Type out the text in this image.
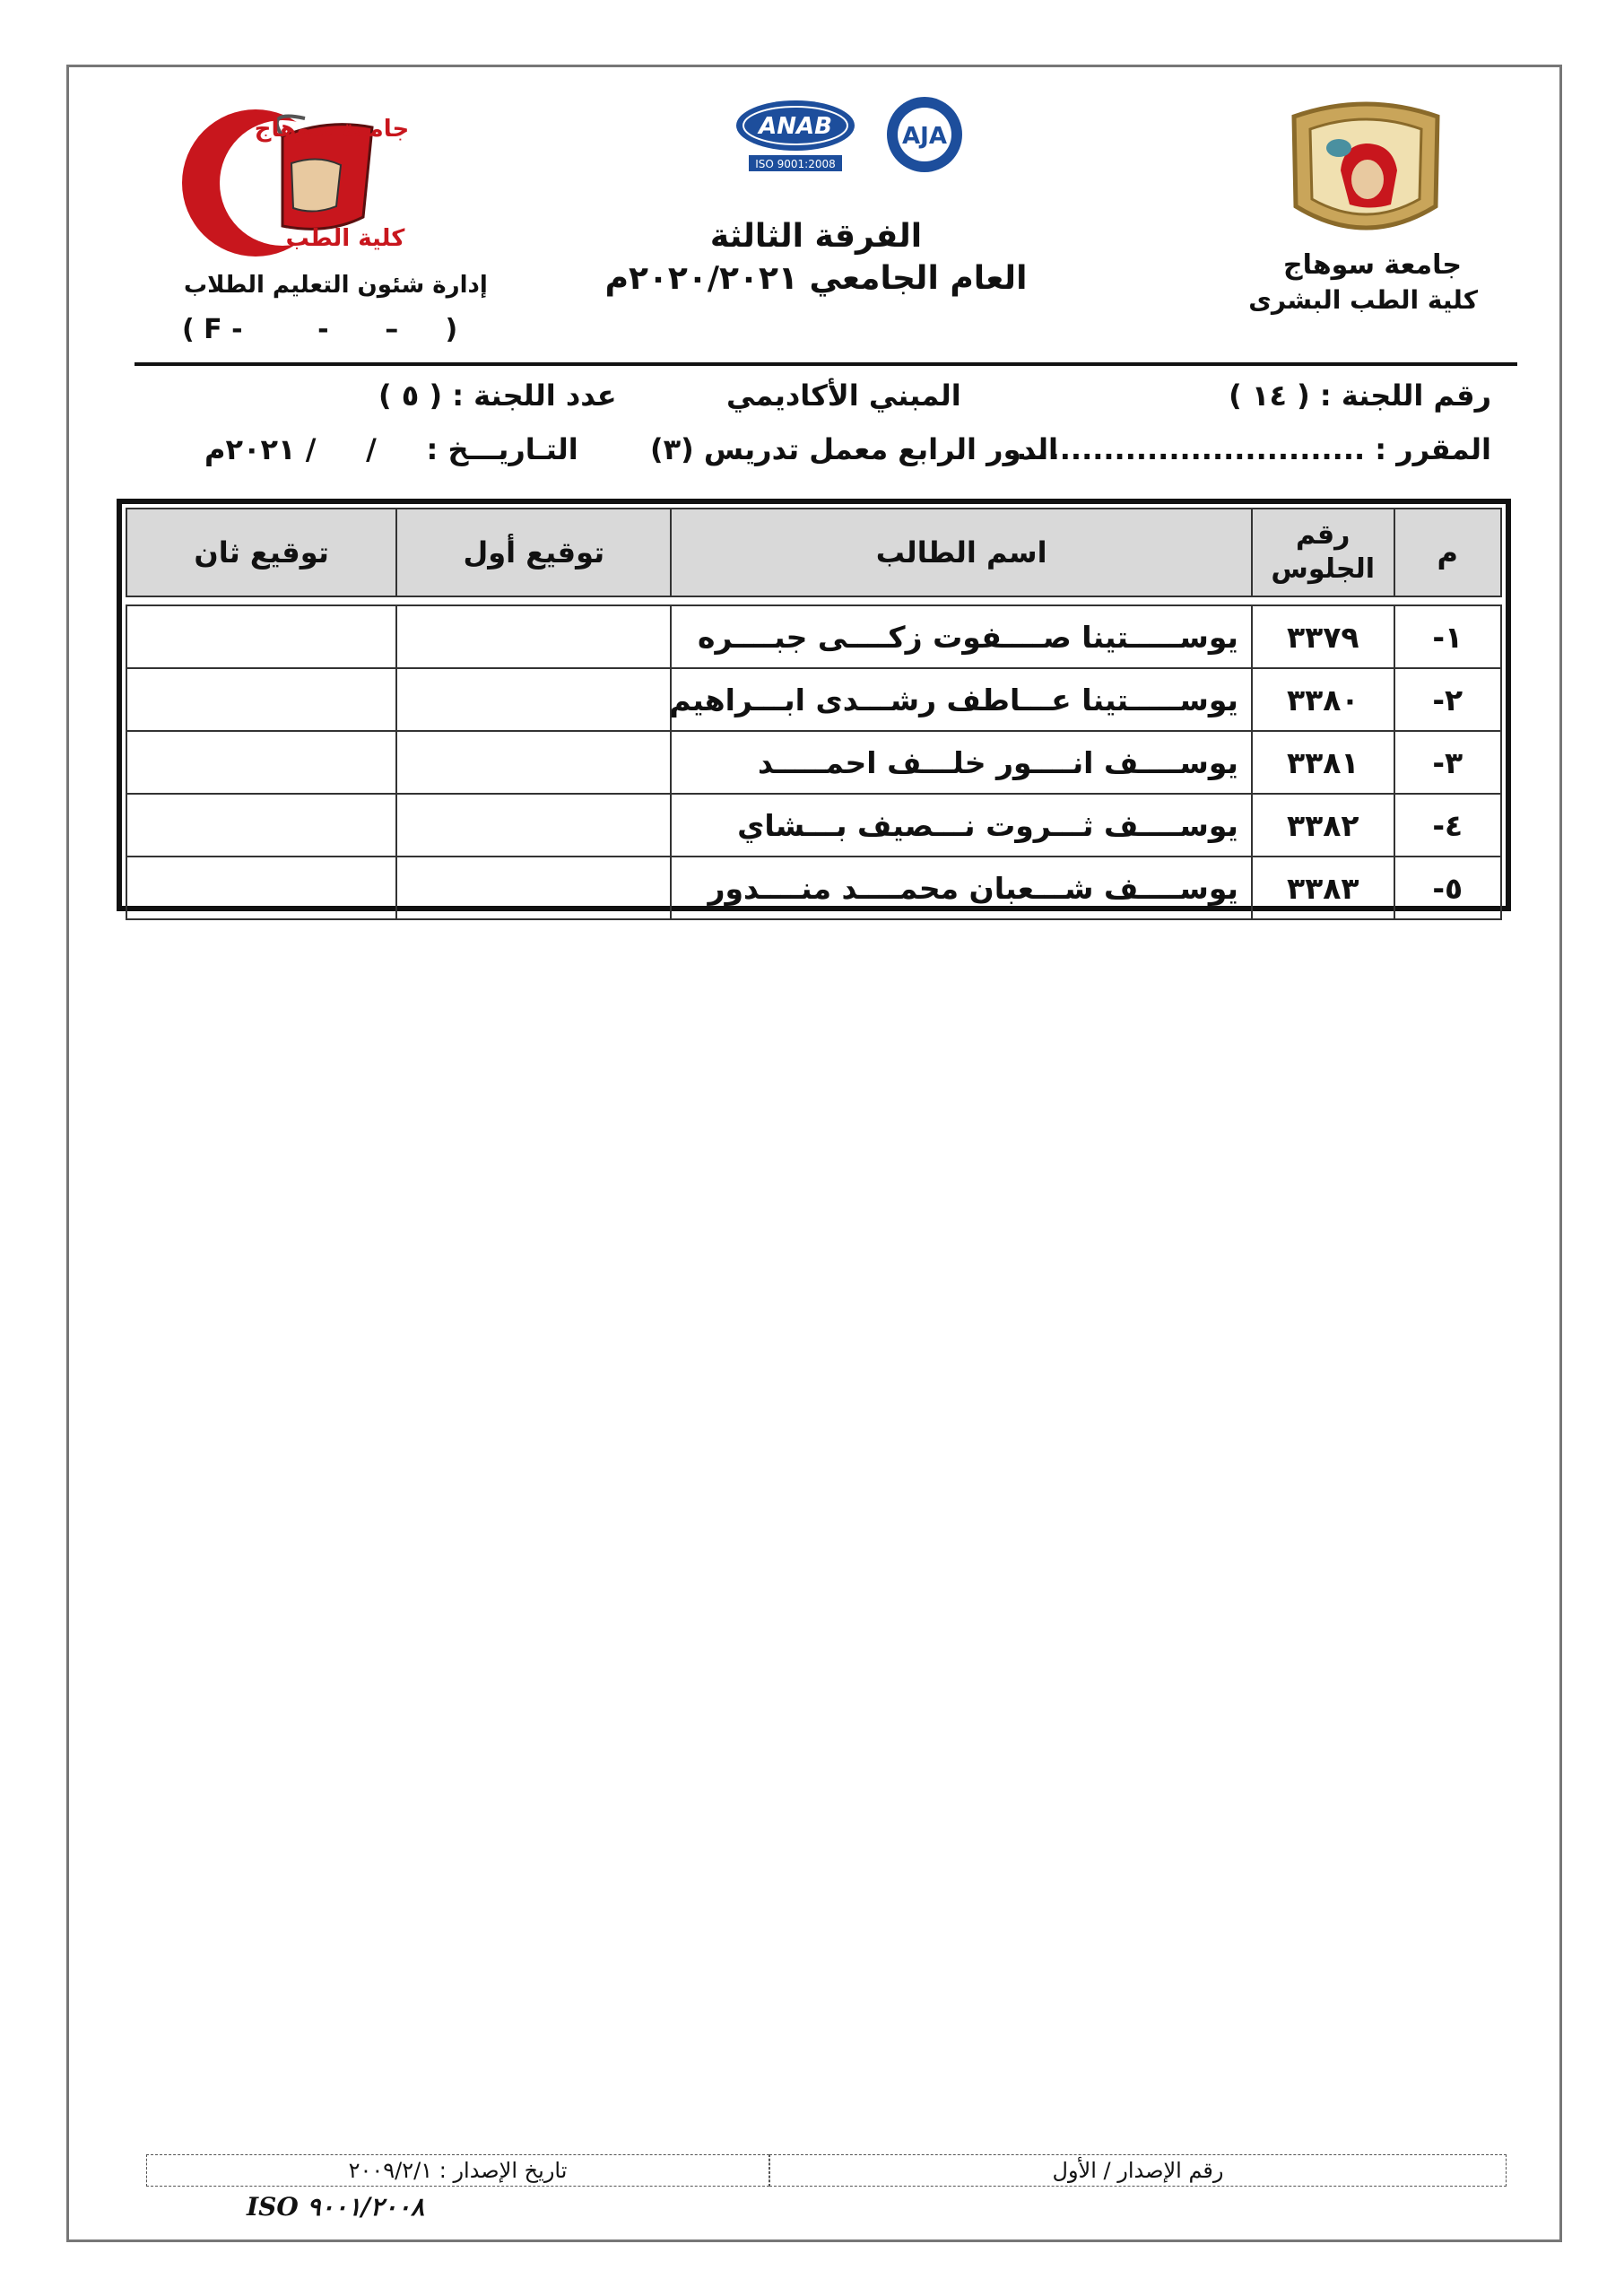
جامعة سوهاج
كلية الطب
إدارة شئون التعليم الطلاب
( F -        -      –     )
ANAB
ISO 9001:2008
AJA
الفرقة الثالثة
العام الجامعي ٢٠٢٠/٢٠٢١م	جامعة سوهاج
كلية الطب البشرى
رقم اللجنة : ( ١٤ )
المبني الأكاديمي
عدد اللجنة : ( ٥ )
المقرر : ................................
الدور الرابع معمل تدريس (٣)
التـاريـــخ :     /     / ٢٠٢١م
م	رقم الجلوس	اسم الطالب	توقيع أول	توقيع ثان

١-	٣٣٧٩	يوســـــتينا صــــفوت زكــــى جبــــره		
٢-	٣٣٨٠	يوســـــتينا عـــاطف رشـــدى ابـــراهيم		
٣-	٣٣٨١	يوســــف انــــور خلـــف احمـــــد		
٤-	٣٣٨٢	يوســــف ثـــروت نـــصيف بـــشاي		
٥-	٣٣٨٣	يوســــف شـــعبان محمــــد منــــدور		
رقم الإصدار / الأول
تاريخ الإصدار : ٢٠٠٩/٢/١
ISO ٩٠٠١/٢٠٠٨
